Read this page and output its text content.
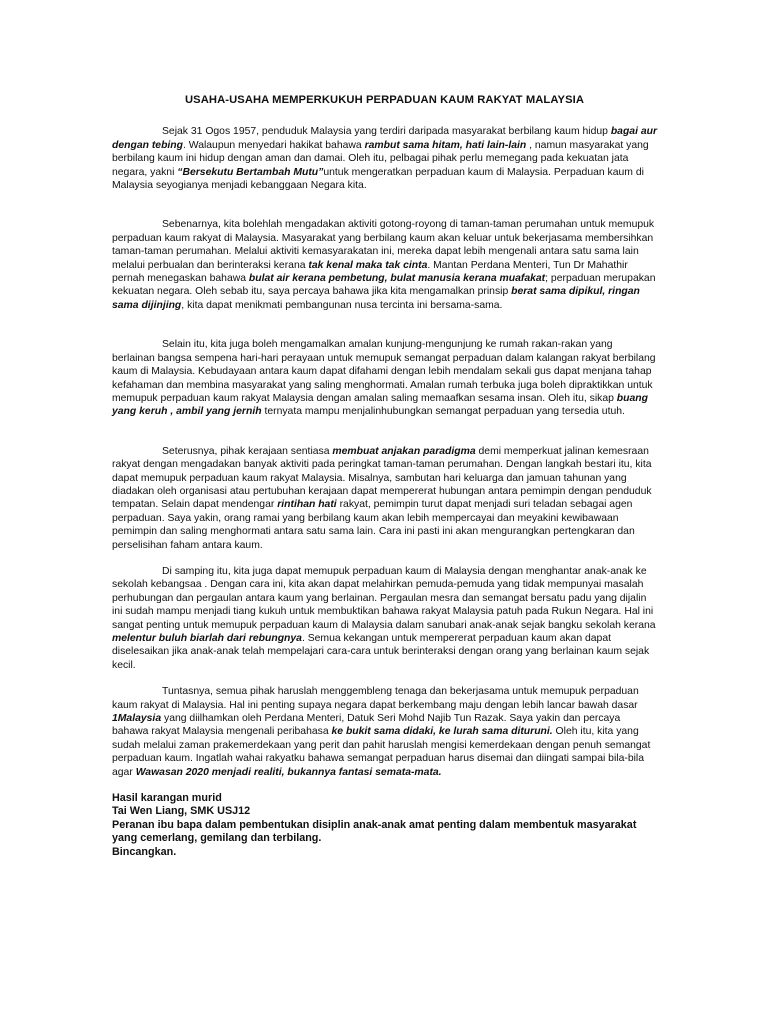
USAHA-USAHA MEMPERKUKUH PERPADUAN KAUM RAKYAT MALAYSIA

Sejak 31 Ogos 1957, penduduk Malaysia yang terdiri daripada masyarakat berbilang kaum hidup bagai aur dengan tebing. Walaupun menyedari hakikat bahawa rambut sama hitam, hati lain-lain , namun masyarakat yang berbilang kaum ini hidup dengan aman dan damai. Oleh itu, pelbagai pihak perlu memegang pada kekuatan jata negara, yakni “Bersekutu Bertambah Mutu”untuk mengeratkan perpaduan kaum di Malaysia. Perpaduan kaum di Malaysia seyogianya menjadi kebanggaan Negara kita.

Sebenarnya, kita bolehlah mengadakan aktiviti gotong-royong di taman-taman perumahan untuk memupuk perpaduan kaum rakyat di Malaysia. Masyarakat yang berbilang kaum akan keluar untuk bekerjasama membersihkan taman-taman perumahan. Melalui aktiviti kemasyarakatan ini, mereka dapat lebih mengenali antara satu sama lain melalui perbualan dan berinteraksi kerana tak kenal maka tak cinta. Mantan Perdana Menteri, Tun Dr Mahathir pernah menegaskan bahawa bulat air kerana pembetung, bulat manusia kerana muafakat; perpaduan merupakan kekuatan negara. Oleh sebab itu, saya percaya bahawa jika kita mengamalkan prinsip berat sama dipikul, ringan sama dijinjing, kita dapat menikmati pembangunan nusa tercinta ini bersama-sama.

Selain itu, kita juga boleh mengamalkan amalan kunjung-mengunjung ke rumah rakan-rakan yang berlainan bangsa sempena hari-hari perayaan untuk memupuk semangat perpaduan dalam kalangan rakyat berbilang kaum di Malaysia. Kebudayaan antara kaum dapat difahami dengan lebih mendalam sekali gus dapat menjana tahap kefahaman dan membina masyarakat yang saling menghormati. Amalan rumah terbuka juga boleh dipraktikkan untuk memupuk perpaduan kaum rakyat Malaysia dengan amalan saling memaafkan sesama insan. Oleh itu, sikap buang yang keruh , ambil yang jernih ternyata mampu menjalinhubungkan semangat perpaduan yang tersedia utuh.

Seterusnya, pihak kerajaan sentiasa membuat anjakan paradigma demi memperkuat jalinan kemesraan rakyat dengan mengadakan banyak aktiviti pada peringkat taman-taman perumahan. Dengan langkah bestari itu, kita dapat memupuk perpaduan kaum rakyat Malaysia. Misalnya, sambutan hari keluarga dan jamuan tahunan yang diadakan oleh organisasi atau pertubuhan kerajaan dapat mempererat hubungan antara pemimpin dengan penduduk tempatan. Selain dapat mendengar rintihan hati rakyat, pemimpin turut dapat menjadi suri teladan sebagai agen perpaduan. Saya yakin, orang ramai yang berbilang kaum akan lebih mempercayai dan meyakini kewibawaan pemimpin dan saling menghormati antara satu sama lain. Cara ini pasti ini akan mengurangkan pertengkaran dan perselisihan faham antara kaum.

Di samping itu, kita juga dapat memupuk perpaduan kaum di Malaysia dengan menghantar anak-anak ke sekolah kebangsaa . Dengan cara ini, kita akan dapat melahirkan pemuda-pemuda yang tidak mempunyai masalah perhubungan dan pergaulan antara kaum yang berlainan. Pergaulan mesra dan semangat bersatu padu yang dijalin ini sudah mampu menjadi tiang kukuh untuk membuktikan bahawa rakyat Malaysia patuh pada Rukun Negara. Hal ini sangat penting untuk memupuk perpaduan kaum di Malaysia dalam sanubari anak-anak sejak bangku sekolah kerana melentur buluh biarlah dari rebungnya. Semua kekangan untuk mempererat perpaduan kaum akan dapat diselesaikan jika anak-anak telah mempelajari cara-cara untuk berinteraksi dengan orang yang berlainan kaum sejak kecil.

Tuntasnya, semua pihak haruslah menggembleng tenaga dan bekerjasama untuk memupuk perpaduan kaum rakyat di Malaysia. Hal ini penting supaya negara dapat berkembang maju dengan lebih lancar bawah dasar 1Malaysia yang diilhamkan oleh Perdana Menteri, Datuk Seri Mohd Najib Tun Razak. Saya yakin dan percaya bahawa rakyat Malaysia mengenali peribahasa ke bukit sama didaki, ke lurah sama dituruni. Oleh itu, kita yang sudah melalui zaman prakemerdekaan yang perit dan pahit haruslah mengisi kemerdekaan dengan penuh semangat perpaduan kaum. Ingatlah wahai rakyatku bahawa semangat perpaduan harus disemai dan diingati sampai bila-bila agar Wawasan 2020 menjadi realiti, bukannya fantasi semata-mata.

Hasil karangan murid
Tai Wen Liang, SMK USJ12
Peranan ibu bapa dalam pembentukan disiplin anak-anak amat penting dalam membentuk masyarakat yang cemerlang, gemilang dan terbilang.
Bincangkan.
